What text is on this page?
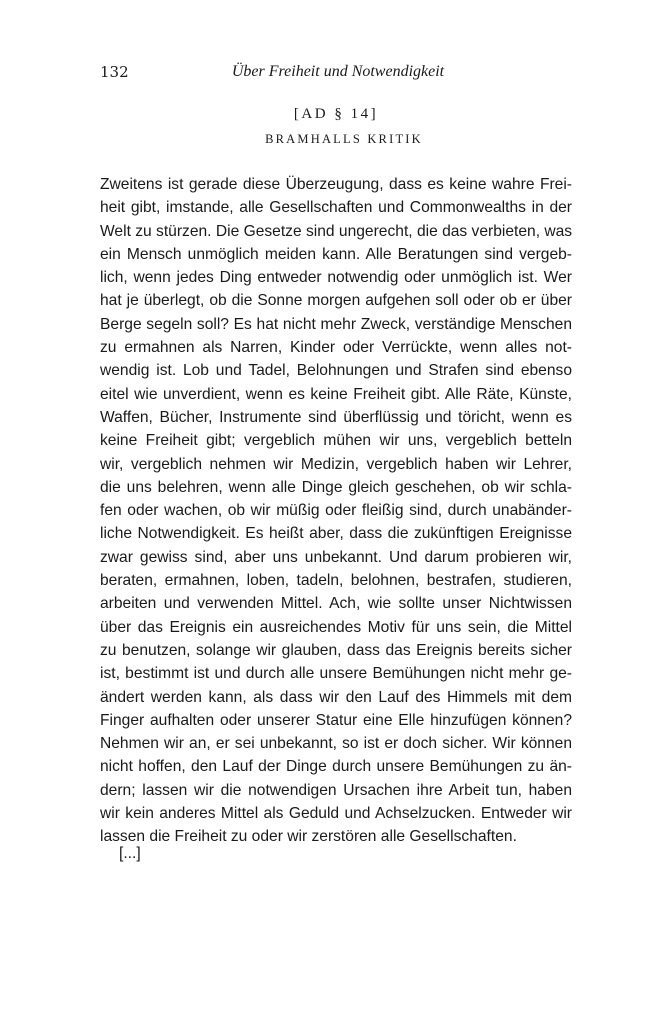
132	Über Freiheit und Notwendigkeit
[AD § 14]
BRAMHALLS KRITIK
Zweitens ist gerade diese Überzeugung, dass es keine wahre Frei-
heit gibt, imstande, alle Gesellschaften und Commonwealths in der
Welt zu stürzen. Die Gesetze sind ungerecht, die das verbieten, was
ein Mensch unmöglich meiden kann. Alle Beratungen sind vergeb-
lich, wenn jedes Ding entweder notwendig oder unmöglich ist. Wer
hat je überlegt, ob die Sonne morgen aufgehen soll oder ob er über
Berge segeln soll? Es hat nicht mehr Zweck, verständige Menschen
zu ermahnen als Narren, Kinder oder Verrückte, wenn alles not-
wendig ist. Lob und Tadel, Belohnungen und Strafen sind ebenso
eitel wie unverdient, wenn es keine Freiheit gibt. Alle Räte, Künste,
Waffen, Bücher, Instrumente sind überflüssig und töricht, wenn es
keine Freiheit gibt; vergeblich mühen wir uns, vergeblich betteln
wir, vergeblich nehmen wir Medizin, vergeblich haben wir Lehrer,
die uns belehren, wenn alle Dinge gleich geschehen, ob wir schla-
fen oder wachen, ob wir müßig oder fleißig sind, durch unabänder-
liche Notwendigkeit. Es heißt aber, dass die zukünftigen Ereignisse
zwar gewiss sind, aber uns unbekannt. Und darum probieren wir,
beraten, ermahnen, loben, tadeln, belohnen, bestrafen, studieren,
arbeiten und verwenden Mittel. Ach, wie sollte unser Nichtwissen
über das Ereignis ein ausreichendes Motiv für uns sein, die Mittel
zu benutzen, solange wir glauben, dass das Ereignis bereits sicher
ist, bestimmt ist und durch alle unsere Bemühungen nicht mehr ge-
ändert werden kann, als dass wir den Lauf des Himmels mit dem
Finger aufhalten oder unserer Statur eine Elle hinzufügen können?
Nehmen wir an, er sei unbekannt, so ist er doch sicher. Wir können
nicht hoffen, den Lauf der Dinge durch unsere Bemühungen zu än-
dern; lassen wir die notwendigen Ursachen ihre Arbeit tun, haben
wir kein anderes Mittel als Geduld und Achselzucken. Entweder wir
lassen die Freiheit zu oder wir zerstören alle Gesellschaften.
[...]
